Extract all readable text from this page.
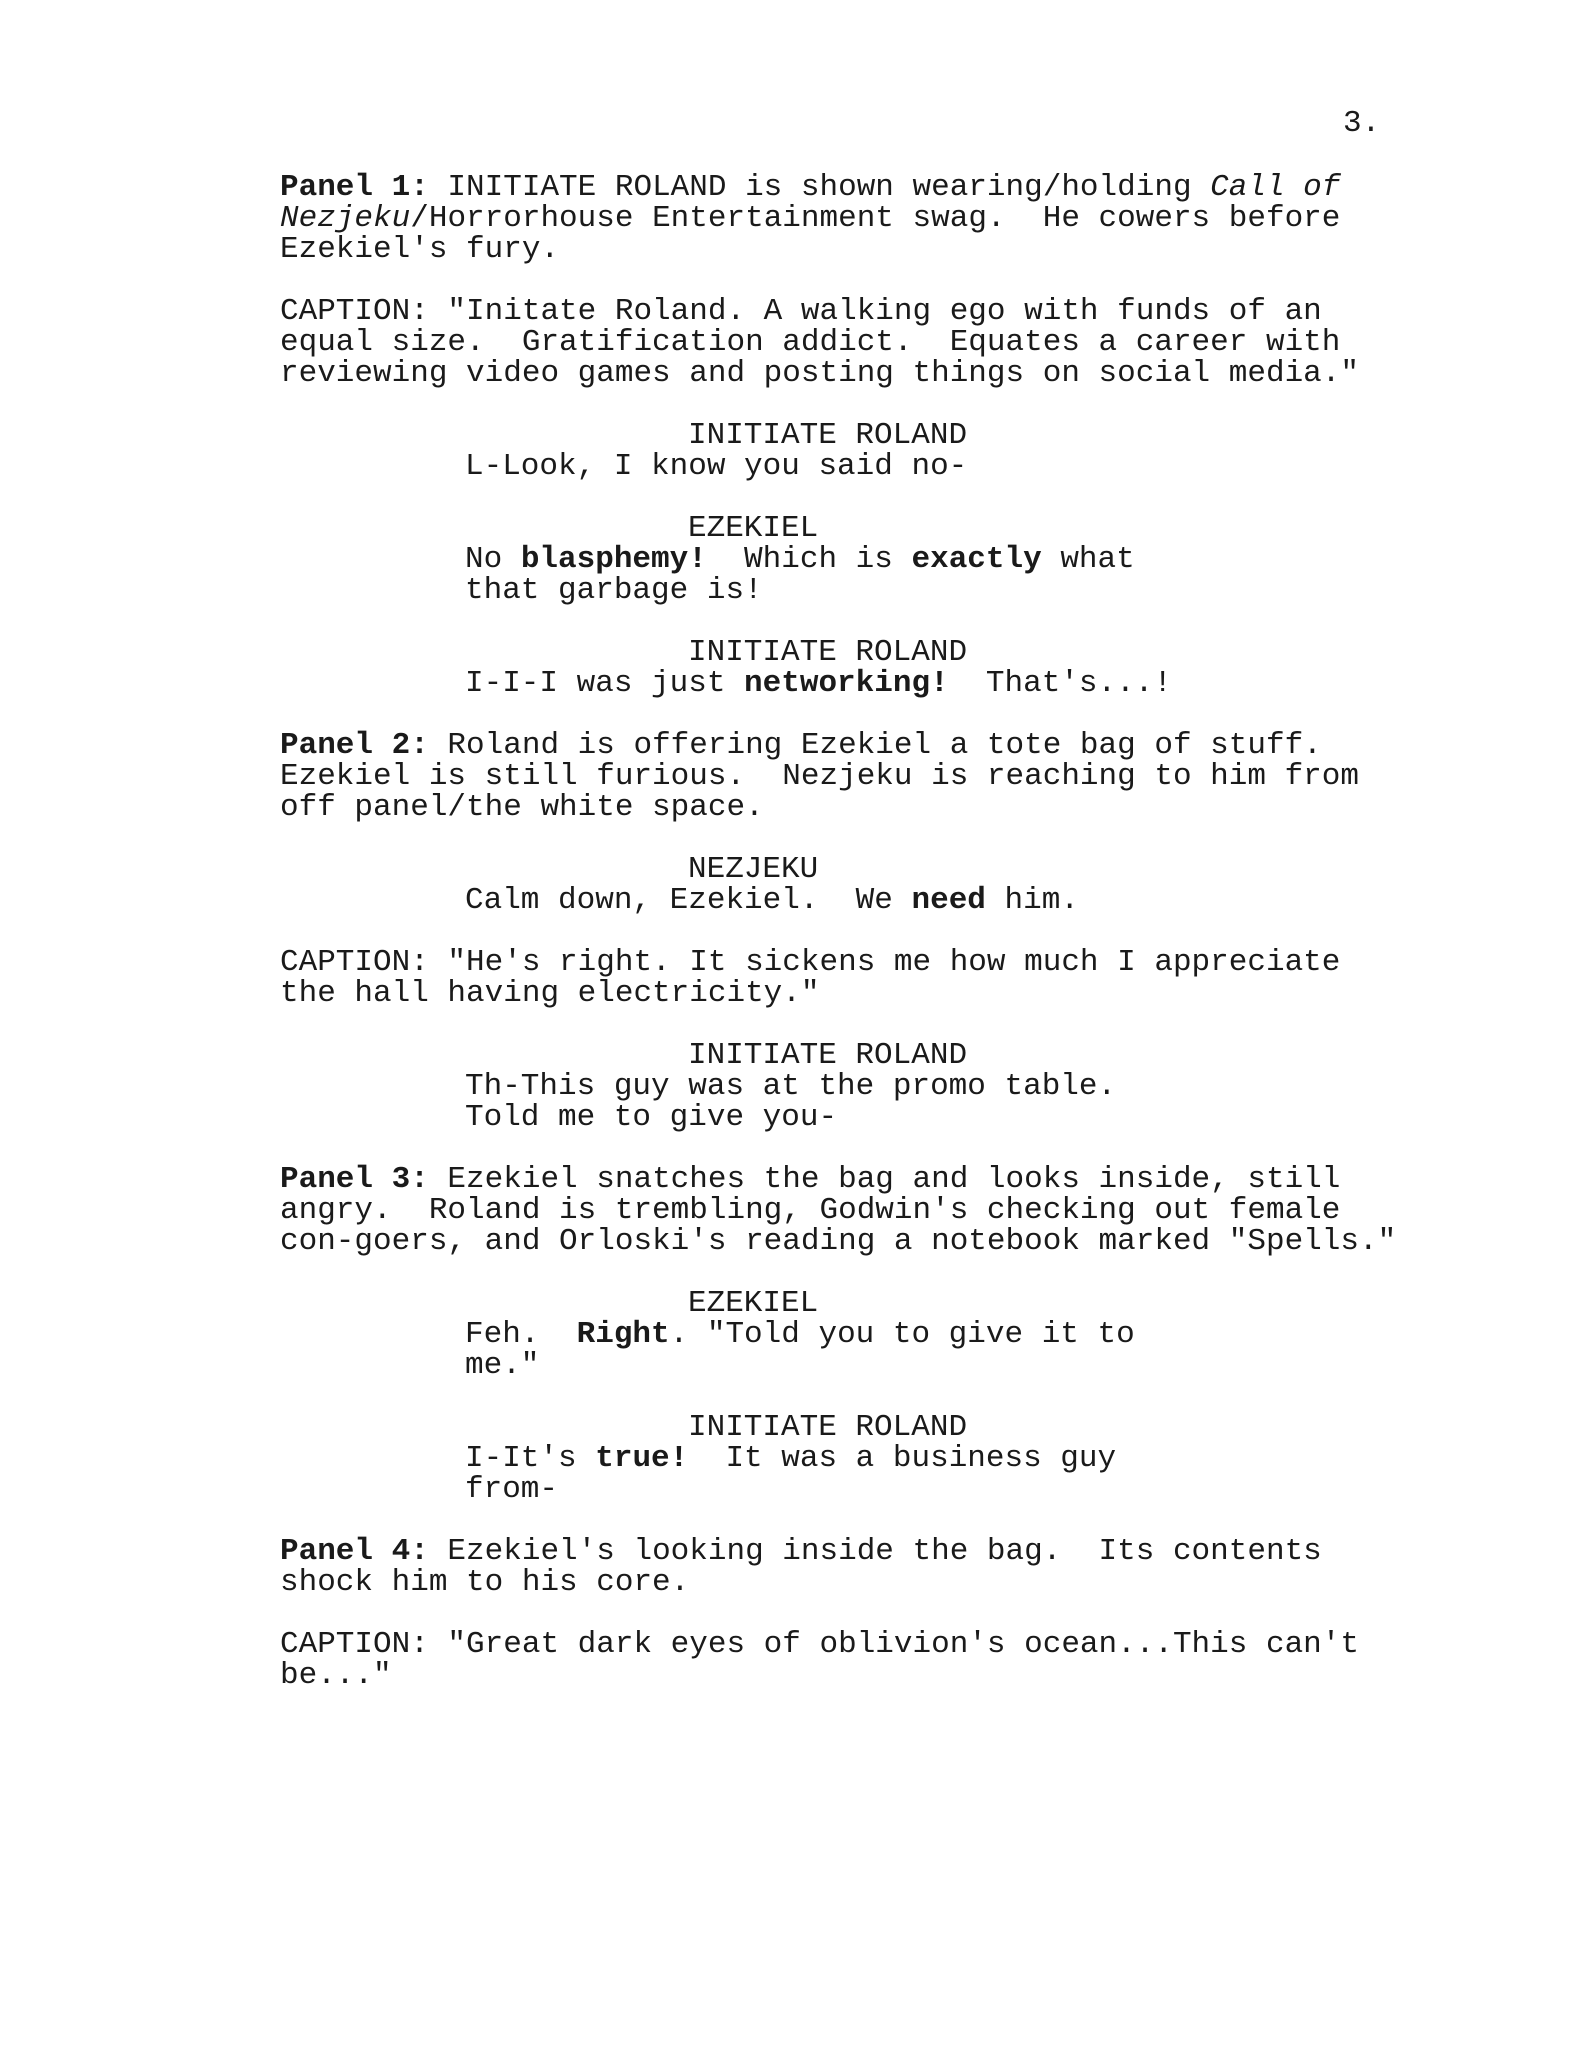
3.
Panel 1: INITIATE ROLAND is shown wearing/holding Call of
Nezjeku/Horrorhouse Entertainment swag.  He cowers before
Ezekiel's fury.
CAPTION: "Initate Roland. A walking ego with funds of an
equal size.  Gratification addict.  Equates a career with
reviewing video games and posting things on social media."
INITIATE ROLAND
L-Look, I know you said no-
EZEKIEL
No blasphemy!  Which is exactly what
that garbage is!
INITIATE ROLAND
I-I-I was just networking!  That's...!
Panel 2: Roland is offering Ezekiel a tote bag of stuff.
Ezekiel is still furious.  Nezjeku is reaching to him from
off panel/the white space.
NEZJEKU
Calm down, Ezekiel.  We need him.
CAPTION: "He's right. It sickens me how much I appreciate
the hall having electricity."
INITIATE ROLAND
Th-This guy was at the promo table.
Told me to give you-
Panel 3: Ezekiel snatches the bag and looks inside, still
angry.  Roland is trembling, Godwin's checking out female
con-goers, and Orloski's reading a notebook marked "Spells."
EZEKIEL
Feh.  Right. "Told you to give it to
me."
INITIATE ROLAND
I-It's true!  It was a business guy
from-
Panel 4: Ezekiel's looking inside the bag.  Its contents
shock him to his core.
CAPTION: "Great dark eyes of oblivion's ocean...This can't
be..."
